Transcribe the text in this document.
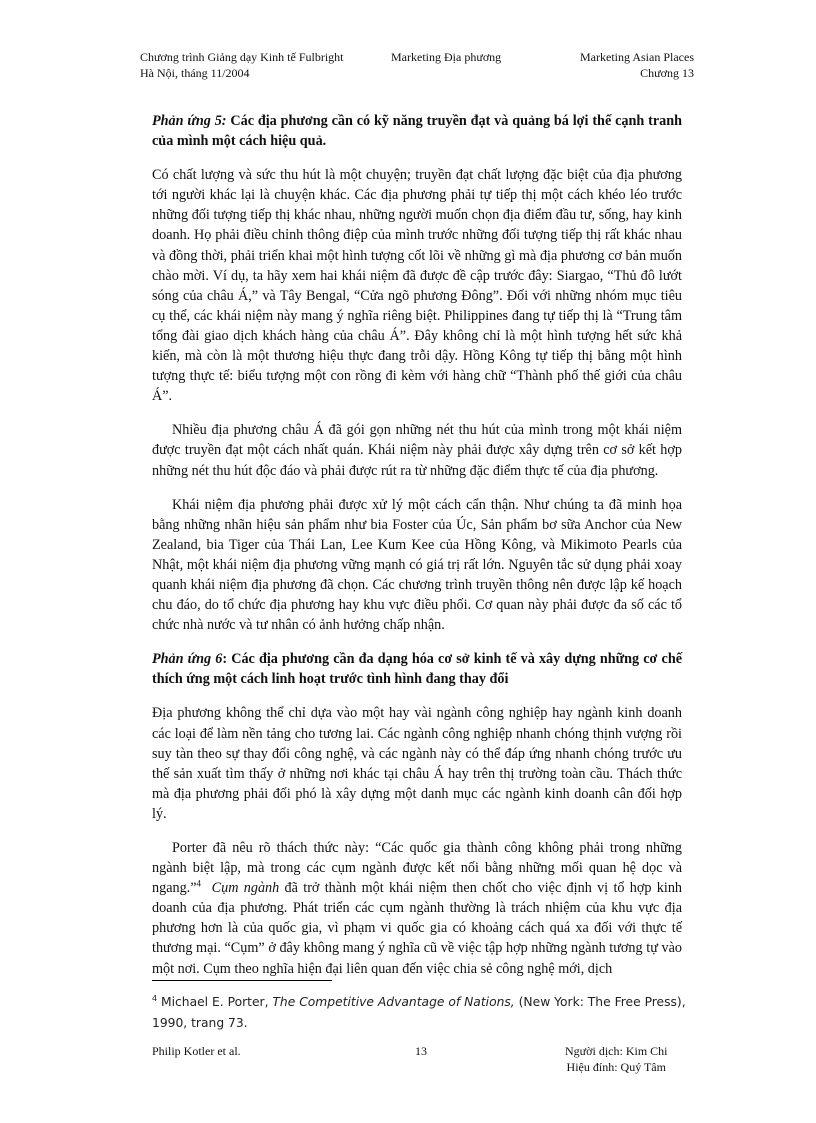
Chương trình Giảng dạy Kinh tế Fulbright
Hà Nội, tháng 11/2004
Marketing Địa phương	Marketing Asian Places
Chương 13

Phản ứng 5: Các địa phương cần có kỹ năng truyền đạt và quảng bá lợi thế cạnh tranh của mình một cách hiệu quả.

Có chất lượng và sức thu hút là một chuyện; truyền đạt chất lượng đặc biệt của địa phương tới người khác lại là chuyện khác. Các địa phương phải tự tiếp thị một cách khéo léo trước những đối tượng tiếp thị khác nhau, những người muốn chọn địa điểm đầu tư, sống, hay kinh doanh. Họ phải điều chỉnh thông điệp của mình trước những đối tượng tiếp thị rất khác nhau và đồng thời, phải triển khai một hình tượng cốt lõi về những gì mà địa phương cơ bản muốn chào mời. Ví dụ, ta hãy xem hai khái niệm đã được đề cập trước đây: Siargao, “Thủ đô lướt sóng của châu Á,” và Tây Bengal, “Cửa ngõ phương Đông”. Đối với những nhóm mục tiêu cụ thể, các khái niệm này mang ý nghĩa riêng biệt. Philippines đang tự tiếp thị là “Trung tâm tổng đài giao dịch khách hàng của châu Á”. Đây không chỉ là một hình tượng hết sức khả kiến, mà còn là một thương hiệu thực đang trỗi dậy. Hồng Kông tự tiếp thị bằng một hình tượng thực tế: biểu tượng một con rồng đi kèm với hàng chữ “Thành phố thế giới của châu Á”.

Nhiều địa phương châu Á đã gói gọn những nét thu hút của mình trong một khái niệm được truyền đạt một cách nhất quán. Khái niệm này phải được xây dựng trên cơ sở kết hợp những nét thu hút độc đáo và phải được rút ra từ những đặc điểm thực tế của địa phương.

Khái niệm địa phương phải được xử lý một cách cẩn thận. Như chúng ta đã minh họa bằng những nhãn hiệu sản phẩm như bia Foster của Úc, Sản phẩm bơ sữa Anchor của New Zealand, bia Tiger của Thái Lan, Lee Kum Kee của Hồng Kông, và Mikimoto Pearls của Nhật, một khái niệm địa phương vững mạnh có giá trị rất lớn. Nguyên tắc sử dụng phải xoay quanh khái niệm địa phương đã chọn. Các chương trình truyền thông nên được lập kế hoạch chu đáo, do tổ chức địa phương hay khu vực điều phối. Cơ quan này phải được đa số các tổ chức nhà nước và tư nhân có ảnh hưởng chấp nhận.

Phản ứng 6: Các địa phương cần đa dạng hóa cơ sở kinh tế và xây dựng những cơ chế thích ứng một cách linh hoạt trước tình hình đang thay đổi

Địa phương không thể chỉ dựa vào một hay vài ngành công nghiệp hay ngành kinh doanh các loại để làm nền tảng cho tương lai. Các ngành công nghiệp nhanh chóng thịnh vượng rồi suy tàn theo sự thay đổi công nghệ, và các ngành này có thể đáp ứng nhanh chóng trước ưu thế sản xuất tìm thấy ở những nơi khác tại châu Á hay trên thị trường toàn cầu. Thách thức mà địa phương phải đối phó là xây dựng một danh mục các ngành kinh doanh cân đối hợp lý.

Porter đã nêu rõ thách thức này: “Các quốc gia thành công không phải trong những ngành biệt lập, mà trong các cụm ngành được kết nối bằng những mối quan hệ dọc và ngang.”$^4$ Cụm ngành đã trở thành một khái niệm then chốt cho việc định vị tổ hợp kinh doanh của địa phương. Phát triển các cụm ngành thường là trách nhiệm của khu vực địa phương hơn là của quốc gia, vì phạm vi quốc gia có khoảng cách quá xa đối với thực tế thương mại. “Cụm” ở đây không mang ý nghĩa cũ về việc tập hợp những ngành tương tự vào một nơi. Cụm theo nghĩa hiện đại liên quan đến việc chia sẻ công nghệ mới, dịch

$^4$ Michael E. Porter, The Competitive Advantage of Nations, (New York: The Free Press), 1990, trang 73.
Philip Kotler et al.	13	Người dịch: Kim Chi
Hiệu đính: Quý Tâm
